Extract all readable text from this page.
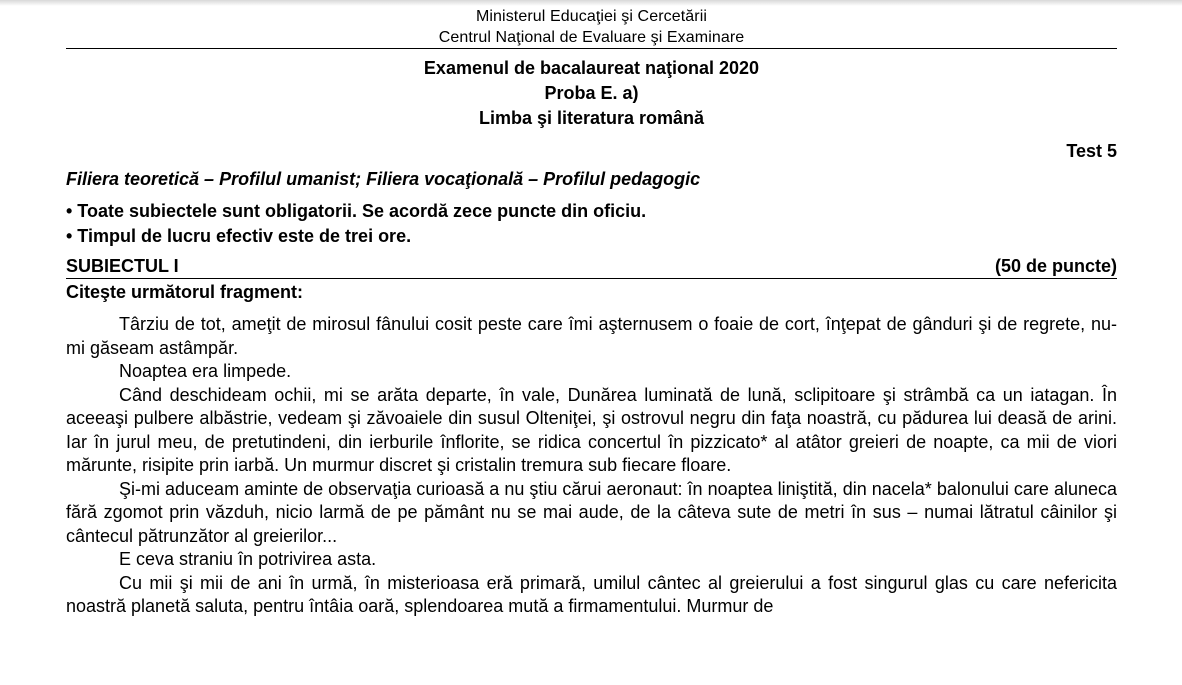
Ministerul Educaţiei şi Cercetării
Centrul Naţional de Evaluare şi Examinare
Examenul de bacalaureat naţional 2020
Proba E. a)
Limba şi literatura română
Test 5
Filiera teoretică – Profilul umanist; Filiera vocaţională – Profilul pedagogic
• Toate subiectele sunt obligatorii. Se acordă zece puncte din oficiu.
• Timpul de lucru efectiv este de trei ore.
SUBIECTUL I	(50 de puncte)
Citeşte următorul fragment:

Târziu de tot, ameţit de mirosul fânului cosit peste care îmi aşternusem o foaie de cort, înţepat de gânduri şi de regrete, nu-mi găseam astâmpăr.

Noaptea era limpede.

Când deschideam ochii, mi se arăta departe, în vale, Dunărea luminată de lună, sclipitoare şi strâmbă ca un iatagan. În aceeaşi pulbere albăstrie, vedeam şi zăvoaiele din susul Olteniţei, şi ostrovul negru din faţa noastră, cu pădurea lui deasă de arini. Iar în jurul meu, de pretutindeni, din ierburile înflorite, se ridica concertul în pizzicato* al atâtor greieri de noapte, ca mii de viori mărunte, risipite prin iarbă. Un murmur discret şi cristalin tremura sub fiecare floare.

Şi-mi aduceam aminte de observaţia curioasă a nu ştiu cărui aeronaut: în noaptea liniştită, din nacela* balonului care aluneca fără zgomot prin văzduh, nicio larmă de pe pământ nu se mai aude, de la câteva sute de metri în sus – numai lătratul câinilor şi cântecul pătrunzător al greierilor...

E ceva straniu în potrivirea asta.

Cu mii şi mii de ani în urmă, în misterioasa eră primară, umilul cântec al greierului a fost singurul glas cu care nefericita noastră planetă saluta, pentru întâia oară, splendoarea mută a firmamentului. Murmur de
